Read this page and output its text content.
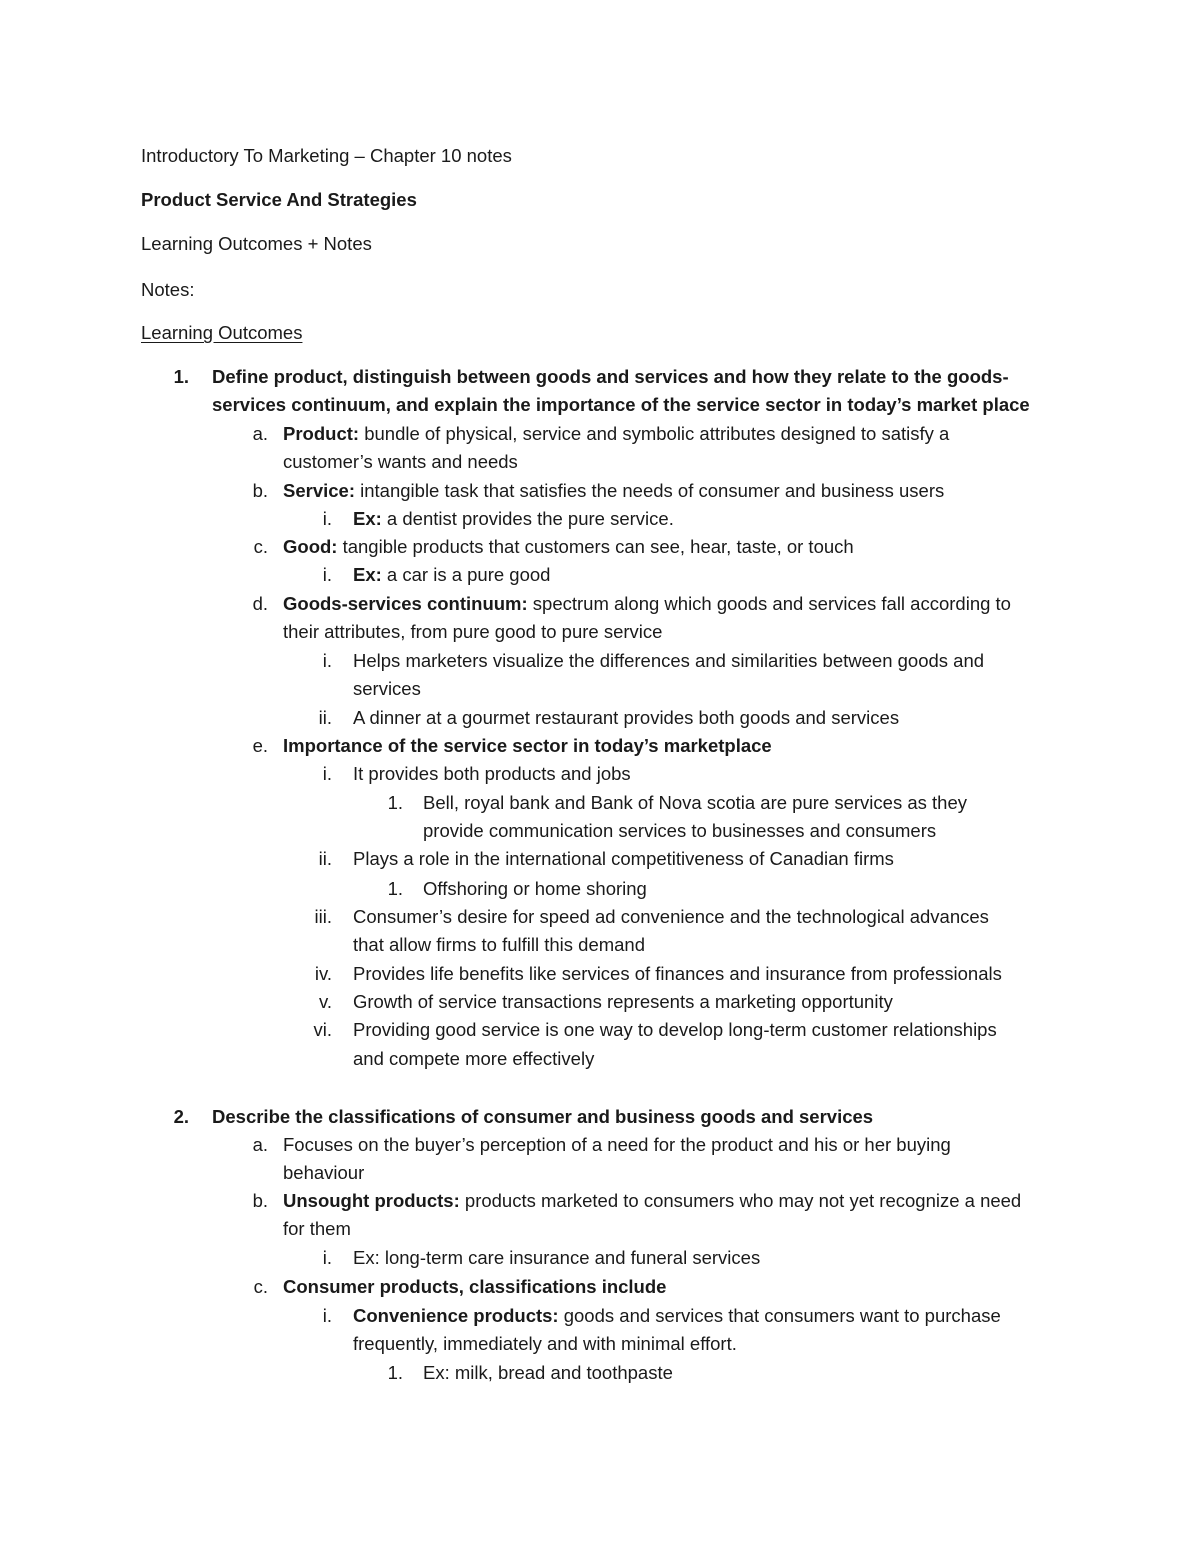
Introductory To Marketing – Chapter 10 notes
Product Service And Strategies
Learning Outcomes + Notes
Notes:
Learning Outcomes
1. Define product, distinguish between goods and services and how they relate to the goods-
services continuum, and explain the importance of the service sector in today’s market place
a. Product: bundle of physical, service and symbolic attributes designed to satisfy a
customer’s wants and needs
b. Service: intangible task that satisfies the needs of consumer and business users
i. Ex: a dentist provides the pure service.
c. Good: tangible products that customers can see, hear, taste, or touch
i. Ex: a car is a pure good
d. Goods-services continuum: spectrum along which goods and services fall according to
their attributes, from pure good to pure service
i. Helps marketers visualize the differences and similarities between goods and
services
ii. A dinner at a gourmet restaurant provides both goods and services
e. Importance of the service sector in today’s marketplace
i. It provides both products and jobs
1. Bell, royal bank and Bank of Nova scotia are pure services as they
provide communication services to businesses and consumers
ii. Plays a role in the international competitiveness of Canadian firms
1. Offshoring or home shoring
iii. Consumer’s desire for speed ad convenience and the technological advances
that allow firms to fulfill this demand
iv. Provides life benefits like services of finances and insurance from professionals
v. Growth of service transactions represents a marketing opportunity
vi. Providing good service is one way to develop long-term customer relationships
and compete more effectively
2. Describe the classifications of consumer and business goods and services
a. Focuses on the buyer’s perception of a need for the product and his or her buying
behaviour
b. Unsought products: products marketed to consumers who may not yet recognize a need
for them
i. Ex: long-term care insurance and funeral services
c. Consumer products, classifications include
i. Convenience products: goods and services that consumers want to purchase
frequently, immediately and with minimal effort.
1. Ex: milk, bread and toothpaste
